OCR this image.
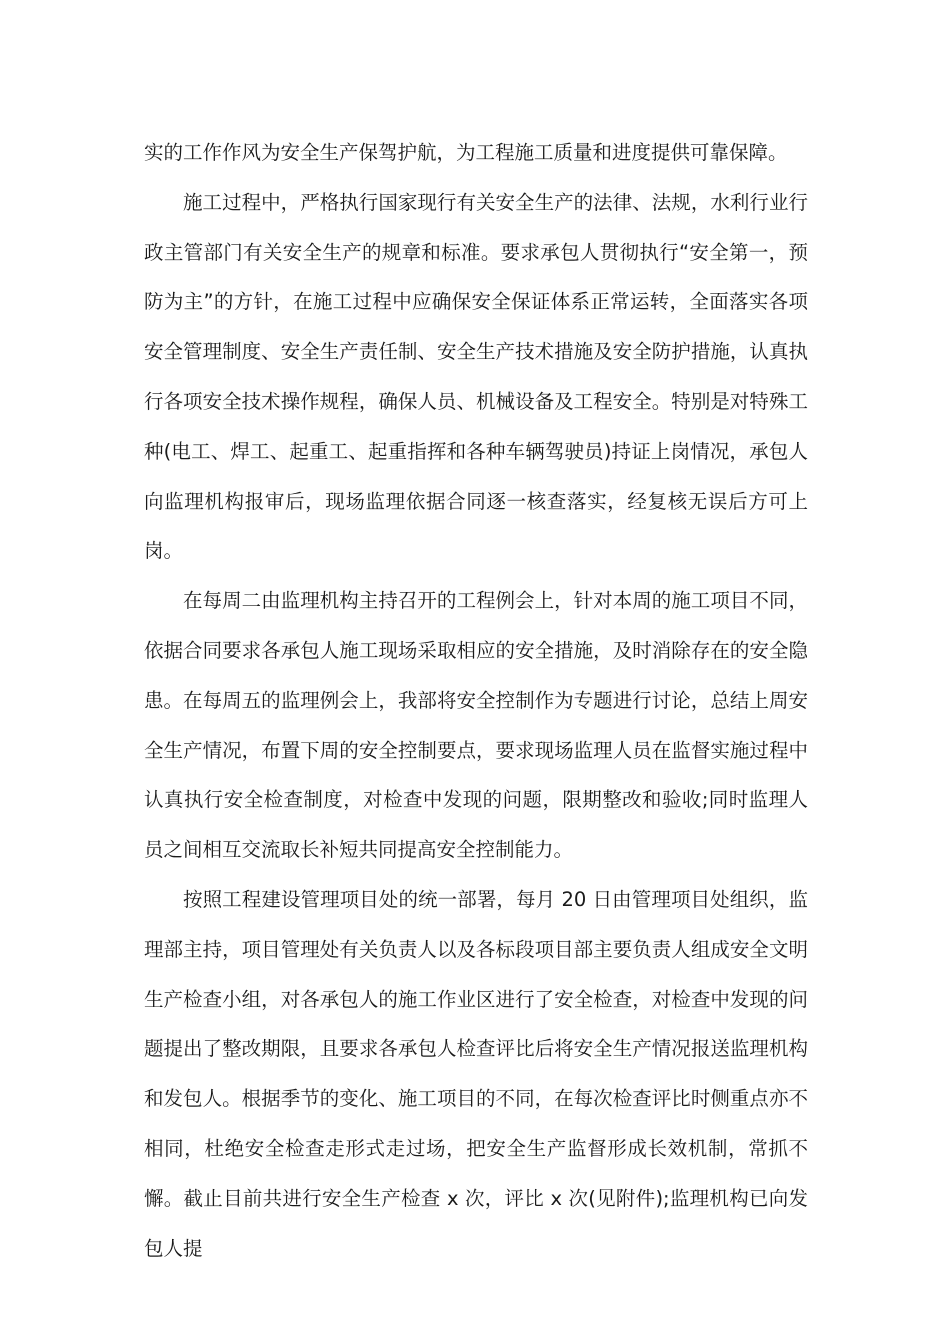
实的工作作风为安全生产保驾护航，为工程施工质量和进度提供可靠保障。

施工过程中，严格执行国家现行有关安全生产的法律、法规，水利行业行政主管部门有关安全生产的规章和标准。要求承包人贯彻执行“安全第一，预防为主”的方针，在施工过程中应确保安全保证体系正常运转，全面落实各项安全管理制度、安全生产责任制、安全生产技术措施及安全防护措施，认真执行各项安全技术操作规程，确保人员、机械设备及工程安全。特别是对特殊工种(电工、焊工、起重工、起重指挥和各种车辆驾驶员)持证上岗情况，承包人向监理机构报审后，现场监理依据合同逐一核查落实，经复核无误后方可上岗。

在每周二由监理机构主持召开的工程例会上，针对本周的施工项目不同，依据合同要求各承包人施工现场采取相应的安全措施，及时消除存在的安全隐患。在每周五的监理例会上，我部将安全控制作为专题进行讨论，总结上周安全生产情况，布置下周的安全控制要点，要求现场监理人员在监督实施过程中认真执行安全检查制度，对检查中发现的问题，限期整改和验收;同时监理人员之间相互交流取长补短共同提高安全控制能力。

按照工程建设管理项目处的统一部署，每月 20 日由管理项目处组织，监理部主持，项目管理处有关负责人以及各标段项目部主要负责人组成安全文明生产检查小组，对各承包人的施工作业区进行了安全检查，对检查中发现的问题提出了整改期限，且要求各承包人检查评比后将安全生产情况报送监理机构和发包人。根据季节的变化、施工项目的不同，在每次检查评比时侧重点亦不相同，杜绝安全检查走形式走过场，把安全生产监督形成长效机制，常抓不懈。截止目前共进行安全生产检查 x 次，评比 x 次(见附件);监理机构已向发包人提
